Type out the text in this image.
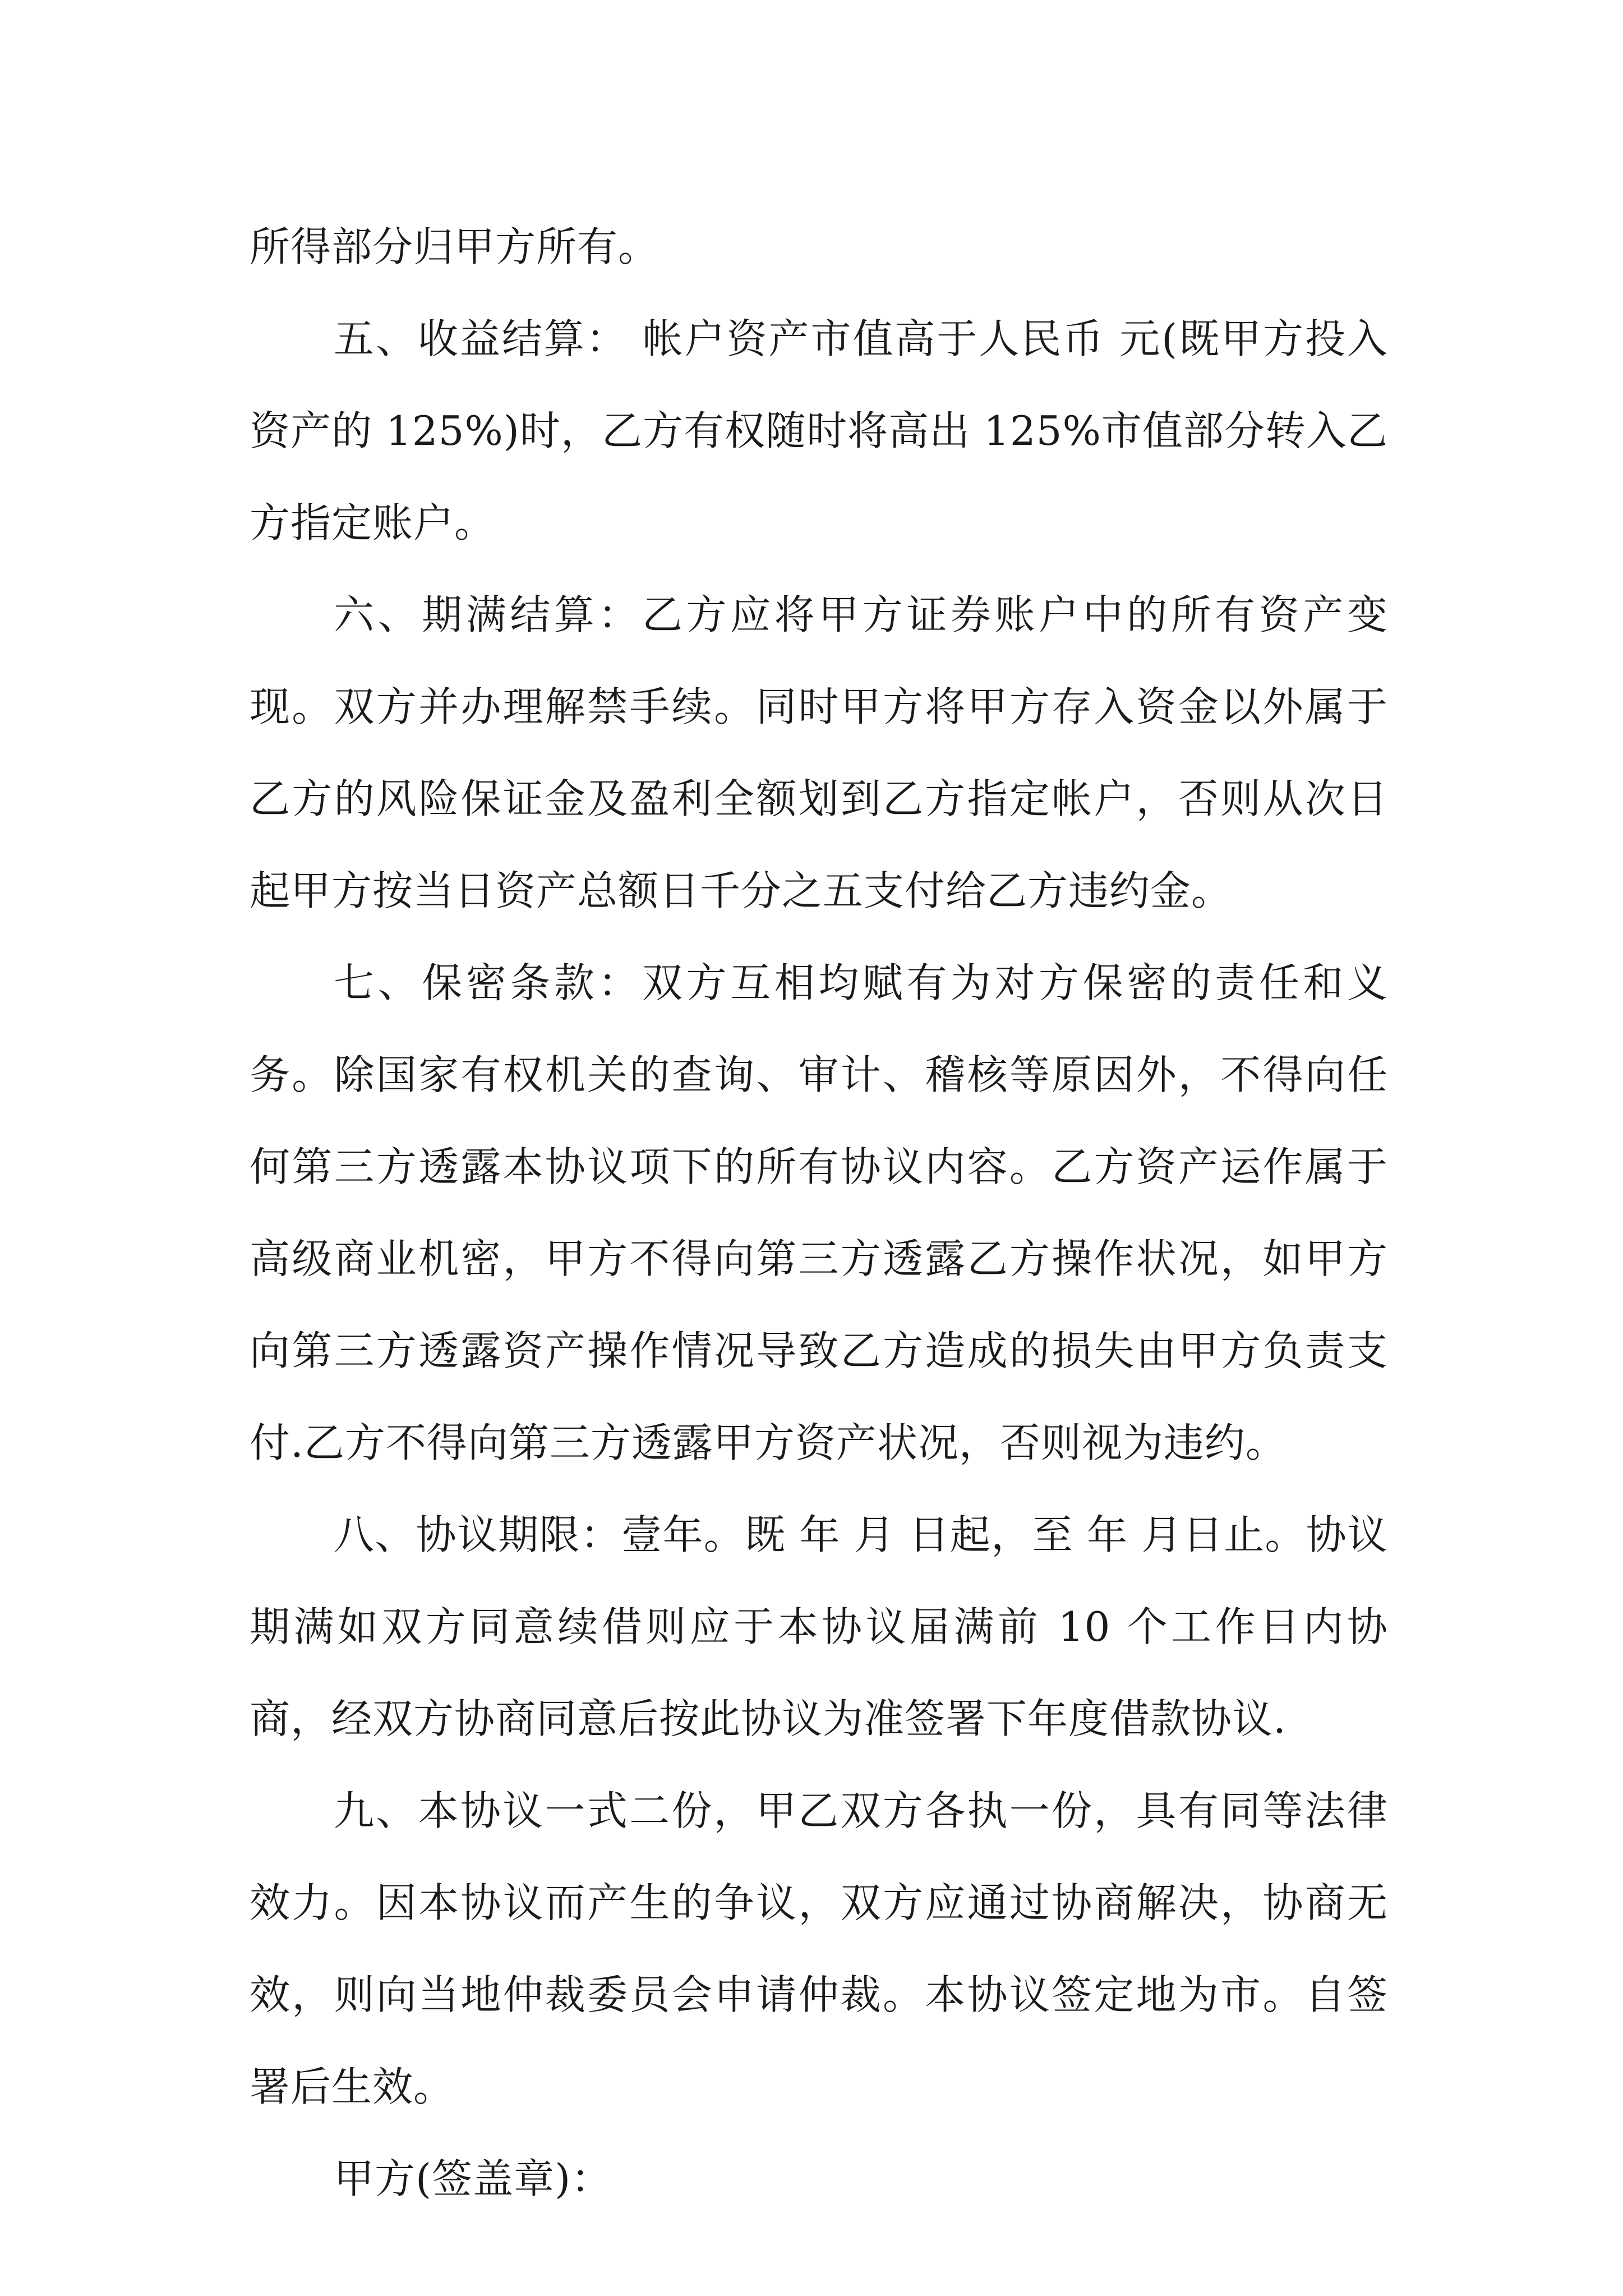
所得部分归甲方所有。

五、收益结算： 帐户资产市值高于人民币 元(既甲方投入资产的 125%)时，乙方有权随时将高出 125%市值部分转入乙方指定账户。

六、期满结算：乙方应将甲方证券账户中的所有资产变现。双方并办理解禁手续。同时甲方将甲方存入资金以外属于乙方的风险保证金及盈利全额划到乙方指定帐户，否则从次日起甲方按当日资产总额日千分之五支付给乙方违约金。

七、保密条款：双方互相均赋有为对方保密的责任和义务。除国家有权机关的查询、审计、稽核等原因外，不得向任何第三方透露本协议项下的所有协议内容。乙方资产运作属于高级商业机密，甲方不得向第三方透露乙方操作状况，如甲方向第三方透露资产操作情况导致乙方造成的损失由甲方负责支付.乙方不得向第三方透露甲方资产状况，否则视为违约。

八、协议期限：壹年。既 年 月 日起，至 年 月日止。协议期满如双方同意续借则应于本协议届满前 10 个工作日内协商，经双方协商同意后按此协议为准签署下年度借款协议.

九、本协议一式二份，甲乙双方各执一份，具有同等法律效力。因本协议而产生的争议，双方应通过协商解决，协商无效，则向当地仲裁委员会申请仲裁。本协议签定地为市。自签署后生效。

甲方(签盖章)：
